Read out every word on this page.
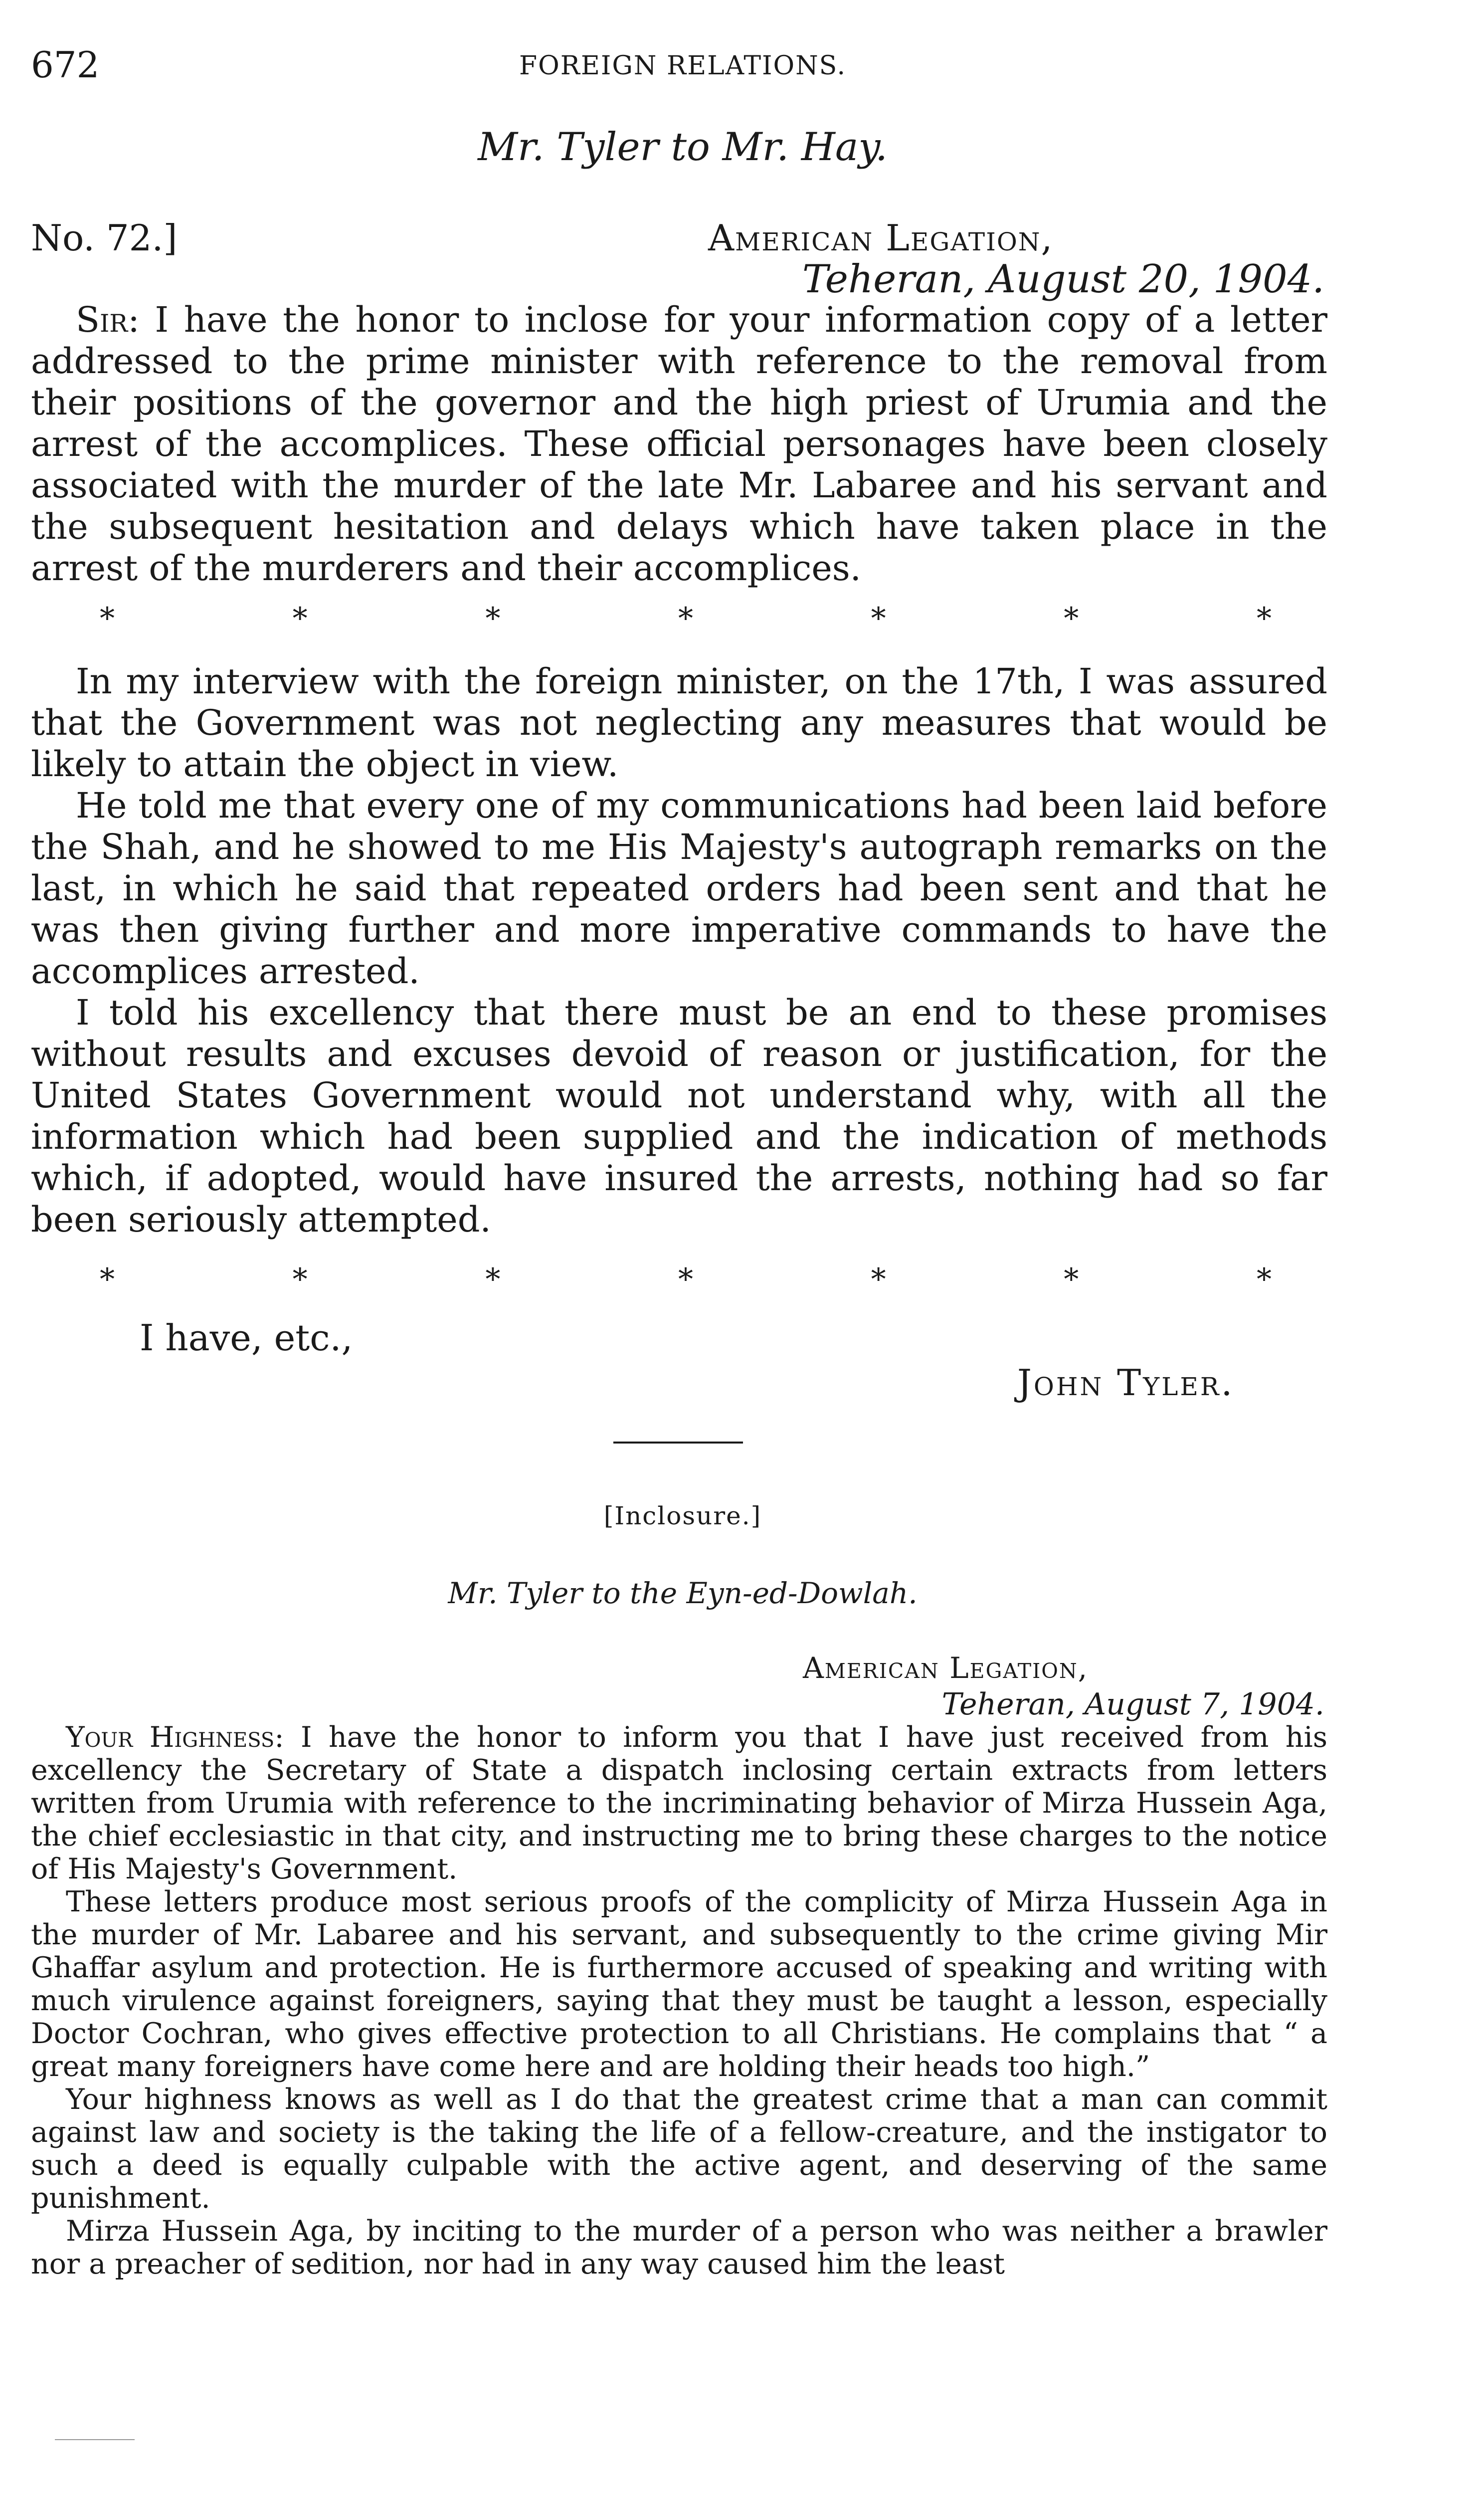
672	FOREIGN RELATIONS.
Mr. Tyler to Mr. Hay.
No. 72.]	American Legation,
Teheran, August 20, 1904.

Sir: I have the honor to inclose for your information copy of a letter addressed to the prime minister with reference to the removal from their positions of the governor and the high priest of Urumia and the arrest of the accomplices. These official personages have been closely associated with the murder of the late Mr. Labaree and his servant and the subsequent hesitation and delays which have taken place in the arrest of the murderers and their accomplices.

*	*	*	*	*	*	*

In my interview with the foreign minister, on the 17th, I was assured that the Government was not neglecting any measures that would be likely to attain the object in view.

He told me that every one of my communications had been laid before the Shah, and he showed to me His Majesty's autograph remarks on the last, in which he said that repeated orders had been sent and that he was then giving further and more imperative commands to have the accomplices arrested.

I told his excellency that there must be an end to these promises without results and excuses devoid of reason or justification, for the United States Government would not understand why, with all the information which had been supplied and the indication of methods which, if adopted, would have insured the arrests, nothing had so far been seriously attempted.

*	*	*	*	*	*	*
I have, etc.,
John Tyler.
[Inclosure.]
Mr. Tyler to the Eyn-ed-Dowlah.
American Legation,
Teheran, August 7, 1904.

Your Highness: I have the honor to inform you that I have just received from his excellency the Secretary of State a dispatch inclosing certain extracts from letters written from Urumia with reference to the incriminating behavior of Mirza Hussein Aga, the chief ecclesiastic in that city, and instructing me to bring these charges to the notice of His Majesty's Government.

These letters produce most serious proofs of the complicity of Mirza Hussein Aga in the murder of Mr. Labaree and his servant, and subsequently to the crime giving Mir Ghaffar asylum and protection. He is furthermore accused of speaking and writing with much virulence against foreigners, saying that they must be taught a lesson, especially Doctor Cochran, who gives effective protection to all Christians. He complains that “ a great many foreigners have come here and are holding their heads too high.”

Your highness knows as well as I do that the greatest crime that a man can commit against law and society is the taking the life of a fellow-creature, and the instigator to such a deed is equally culpable with the active agent, and deserving of the same punishment.

Mirza Hussein Aga, by inciting to the murder of a person who was neither a brawler nor a preacher of sedition, nor had in any way caused him the least
